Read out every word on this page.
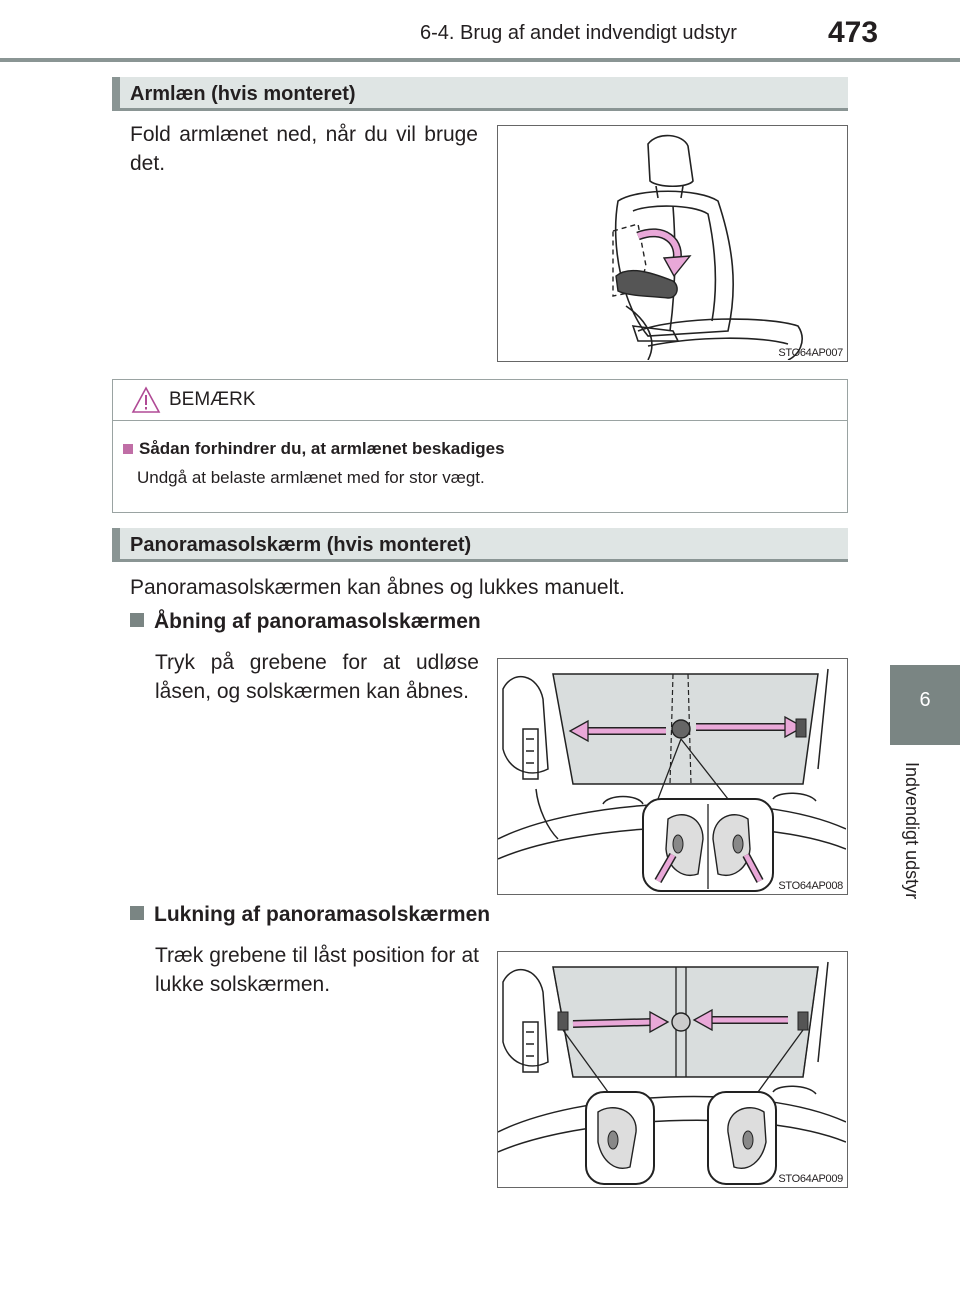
6-4. Brug af andet indvendigt udstyr	473
6
Indvendigt udstyr
Armlæn (hvis monteret)
Fold armlænet ned, når du vil bruge det.
STO64AP007
BEMÆRK
Sådan forhindrer du, at armlænet beskadiges
Undgå at belaste armlænet med for stor vægt.
Panoramasolskærm (hvis monteret)
Panoramasolskærmen kan åbnes og lukkes manuelt.
Åbning af panoramasolskærmen
Tryk på grebene for at udløse låsen, og solskærmen kan åbnes.
STO64AP008
Lukning af panoramasolskærmen
Træk grebene til låst position for at lukke solskærmen.
STO64AP009
